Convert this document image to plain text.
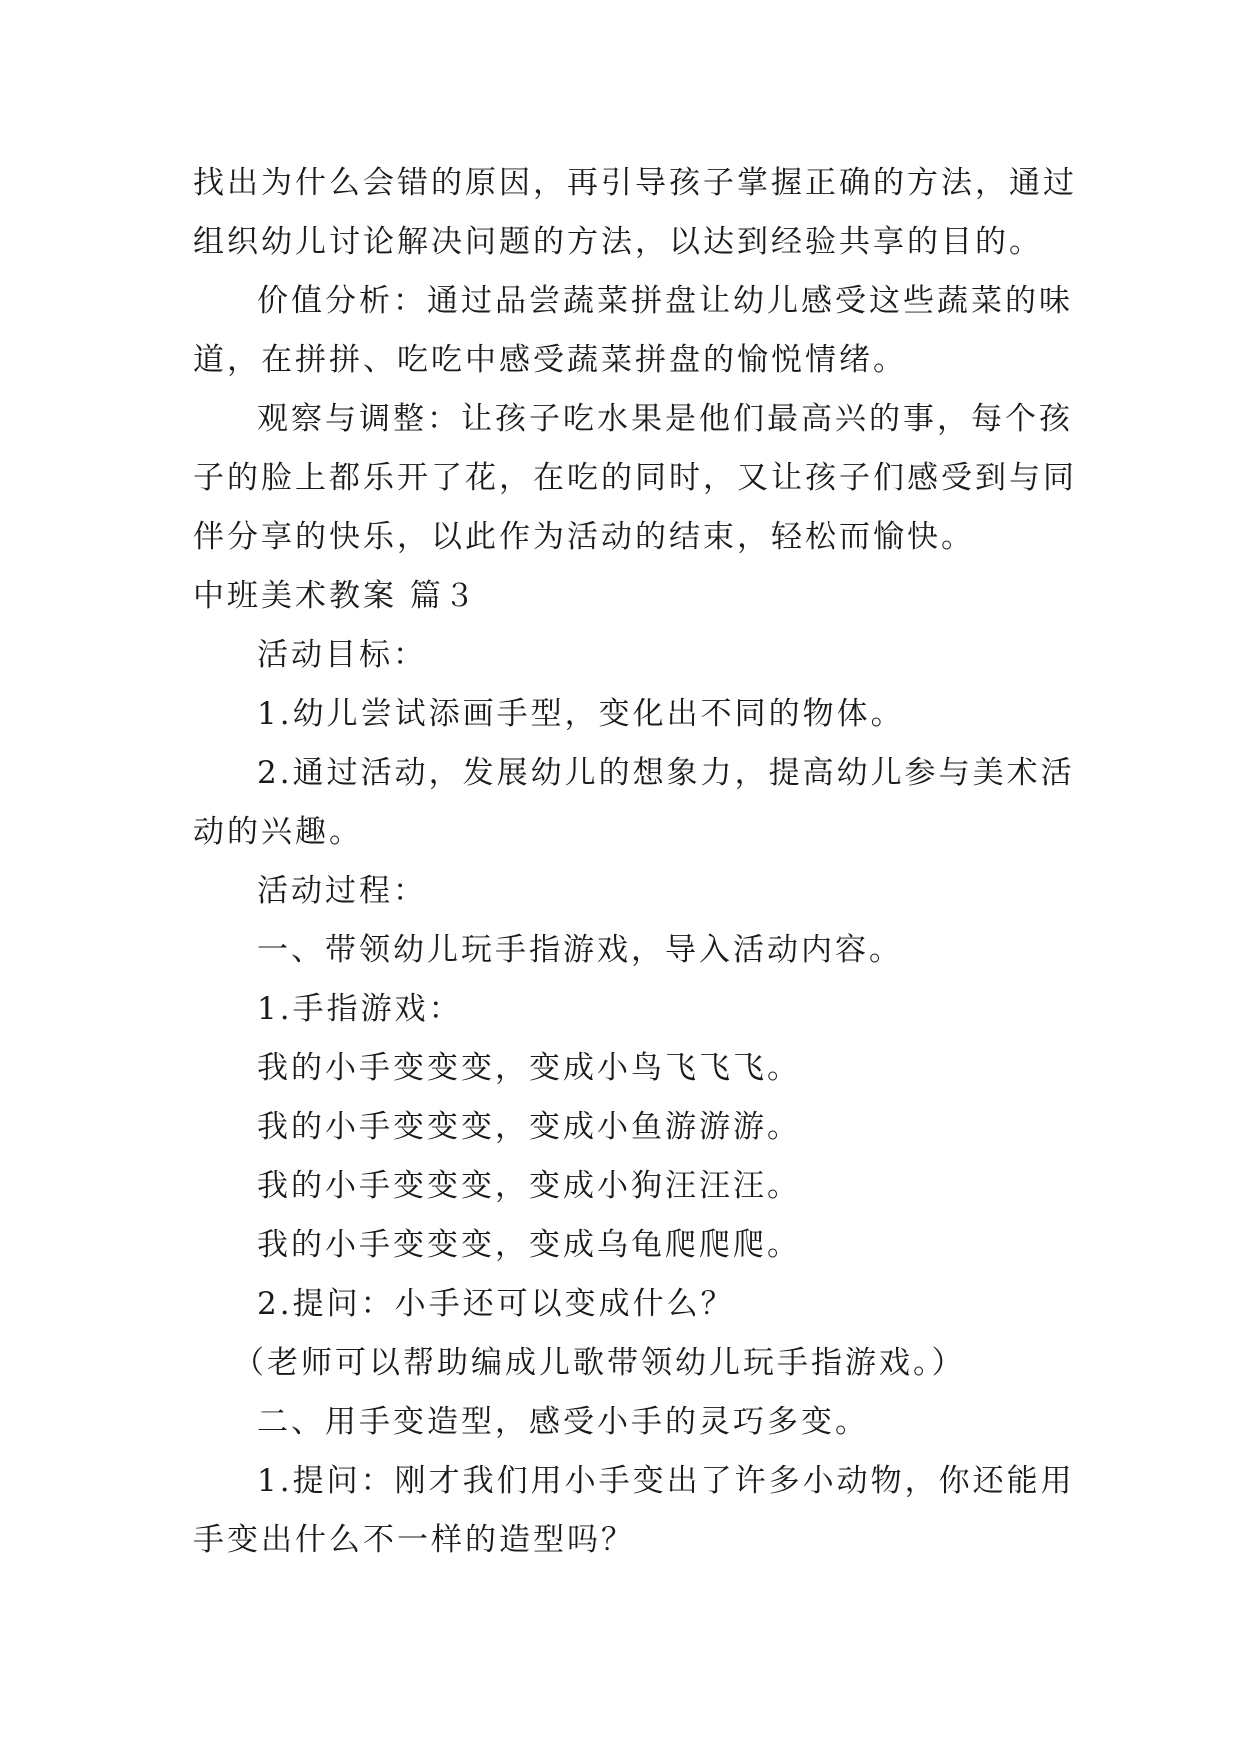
找出为什么会错的原因，再引导孩子掌握正确的方法，通过
组织幼儿讨论解决问题的方法，以达到经验共享的目的。

价值分析：通过品尝蔬菜拼盘让幼儿感受这些蔬菜的味
道，在拼拼、吃吃中感受蔬菜拼盘的愉悦情绪。

观察与调整：让孩子吃水果是他们最高兴的事，每个孩
子的脸上都乐开了花，在吃的同时，又让孩子们感受到与同
伴分享的快乐，以此作为活动的结束，轻松而愉快。

中班美术教案 篇３

活动目标：

1.幼儿尝试添画手型，变化出不同的物体。

2.通过活动，发展幼儿的想象力，提高幼儿参与美术活
动的兴趣。

活动过程：

一、带领幼儿玩手指游戏，导入活动内容。

1.手指游戏：

我的小手变变变，变成小鸟飞飞飞。

我的小手变变变，变成小鱼游游游。

我的小手变变变，变成小狗汪汪汪。

我的小手变变变，变成乌龟爬爬爬。

2.提问：小手还可以变成什么？

（老师可以帮助编成儿歌带领幼儿玩手指游戏。）

二、用手变造型，感受小手的灵巧多变。

1.提问：刚才我们用小手变出了许多小动物，你还能用
手变出什么不一样的造型吗？
